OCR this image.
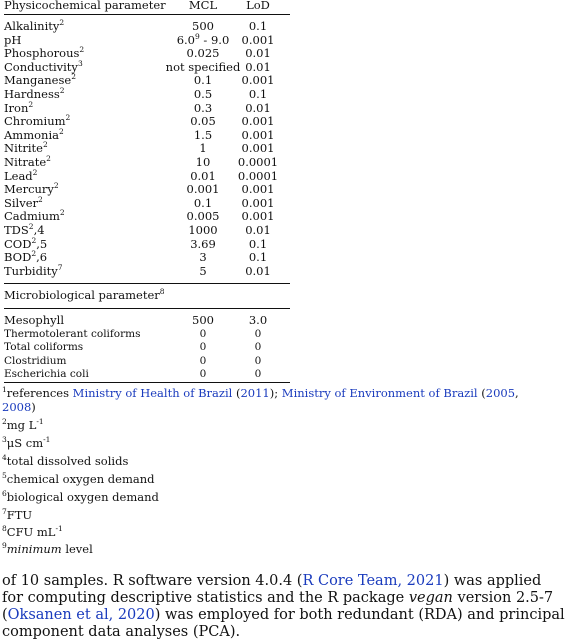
Physicochemical parameter	MCL	LoD
Alkalinity$^2$	500	0.1
pH	$6.0^9 - 9.0$	0.001
Phosphorous$^2$	0.025	0.01
Conductivity$^3$	not specified 0.01
Manganese$^2$	0.1	0.001
Hardness$^2$	0.5	0.1
Iron$^2$	0.3	0.01
Chromium$^2$	0.05	0.001
Ammonia$^2$	1.5	0.001
Nitrite$^2$	1	0.001
Nitrate$^2$	10	0.0001
Lead$^2$	0.01	0.0001
Mercury$^2$	0.001	0.001
Silver$^2$	0.1	0.001
Cadmium$^2$	0.005	0.001
TDS$^2$,4	1000	0.01
COD$^2$,5	3.69	0.1
BOD$^2$,6	3	0.1
Turbidity$^7$	5	0.01
Microbiological parameter$^8$
Mesophyll	500	3.0
Thermotolerant coliforms	0	0
Total coliforms	0	0
Clostridium	0	0
Escherichia coli	0	0
$^1$references Ministry of Health of Brazil (2011); Ministry of Environment of Brazil (2005,
2008)
$^2$mg $L^{-1}$
$^3$μS $cm^{-1}$
$^4$total dissolved solids
$^5$chemical oxygen demand
$^6$biological oxygen demand
$^7$FTU
$^8$CFU $mL^{-1}$
$^9$minimum level
of 10 samples. R software version 4.0.4 (R Core Team, 2021) was applied
for computing descriptive statistics and the R package vegan version 2.5-7
(Oksanen et al, 2020) was employed for both redundant (RDA) and principal
component data analyses (PCA).
